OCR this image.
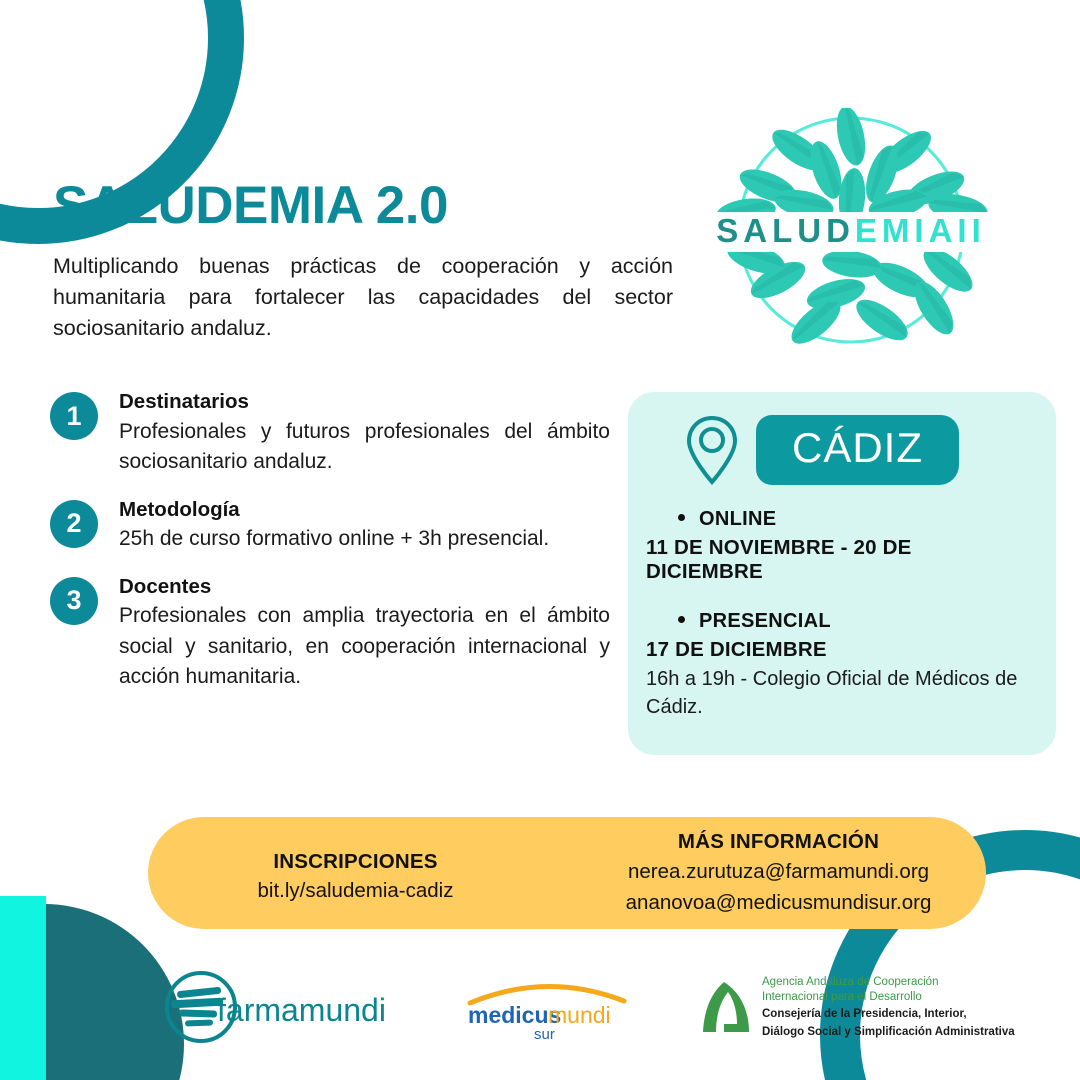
SALUDEMIA 2.0

Multiplicando buenas prácticas de cooperación y acción humanitaria para fortalecer las capacidades del sector sociosanitario andaluz.

SALUDEMIAII
1	Destinatarios
Profesionales y futuros profesionales del ámbito sociosanitario andaluz.
2	Metodología
25h de curso formativo online + 3h presencial.
3	Docentes
Profesionales con amplia trayectoria en el ámbito social y sanitario, en cooperación internacional y acción humanitaria.
CÁDIZ
ONLINE
11 DE NOVIEMBRE - 20 DE DICIEMBRE
PRESENCIAL
17 DE DICIEMBRE
16h a 19h - Colegio Oficial de Médicos de Cádiz.
INSCRIPCIONES
bit.ly/saludemia-cadiz
MÁS INFORMACIÓN
nerea.zurutuza@farmamundi.org
ananovoa@medicusmundisur.org
farmamundi	medicus
mundi
sur
Agencia Andaluza de Cooperación
Internacional para el Desarrollo
Consejería de la Presidencia, Interior,
Diálogo Social y Simplificación Administrativa
